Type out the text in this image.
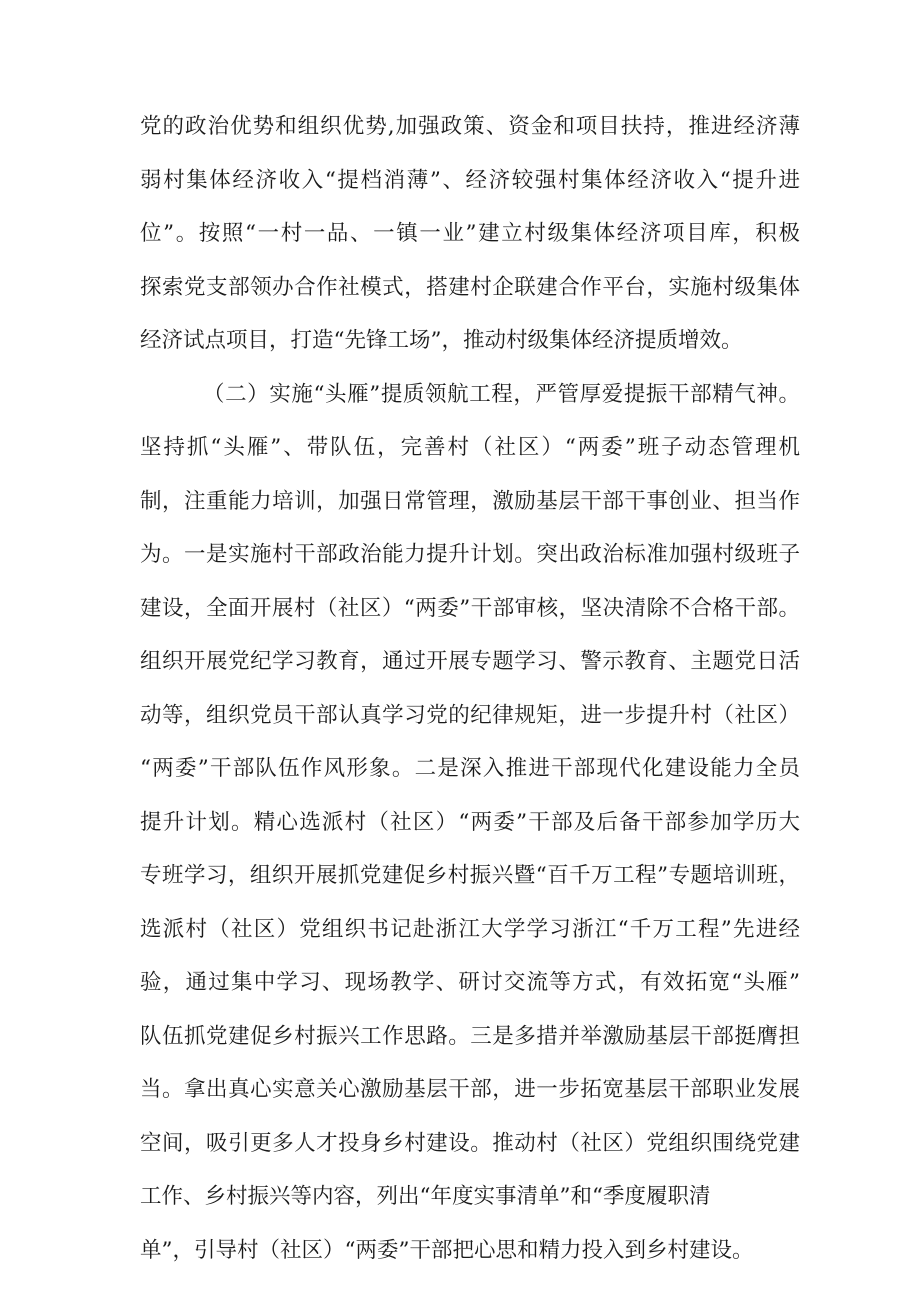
党的政治优势和组织优势,加强政策、资金和项目扶持，推进经济薄
弱村集体经济收入“提档消薄”、经济较强村集体经济收入“提升进
位”。按照“一村一品、一镇一业”建立村级集体经济项目库，积极
探索党支部领办合作社模式，搭建村企联建合作平台，实施村级集体
经济试点项目，打造“先锋工场”，推动村级集体经济提质增效。
（二）实施“头雁”提质领航工程，严管厚爱提振干部精气神。
坚持抓“头雁”、带队伍，完善村（社区）“两委”班子动态管理机
制，注重能力培训，加强日常管理，激励基层干部干事创业、担当作
为。一是实施村干部政治能力提升计划。突出政治标准加强村级班子
建设，全面开展村（社区）“两委”干部审核，坚决清除不合格干部。
组织开展党纪学习教育，通过开展专题学习、警示教育、主题党日活
动等，组织党员干部认真学习党的纪律规矩，进一步提升村（社区）
“两委”干部队伍作风形象。二是深入推进干部现代化建设能力全员
提升计划。精心选派村（社区）“两委”干部及后备干部参加学历大
专班学习，组织开展抓党建促乡村振兴暨“百千万工程”专题培训班，
选派村（社区）党组织书记赴浙江大学学习浙江“千万工程”先进经
验，通过集中学习、现场教学、研讨交流等方式，有效拓宽“头雁”
队伍抓党建促乡村振兴工作思路。三是多措并举激励基层干部挺膺担
当。拿出真心实意关心激励基层干部，进一步拓宽基层干部职业发展
空间，吸引更多人才投身乡村建设。推动村（社区）党组织围绕党建
工作、乡村振兴等内容，列出“年度实事清单”和“季度履职清
单”，引导村（社区）“两委”干部把心思和精力投入到乡村建设。
